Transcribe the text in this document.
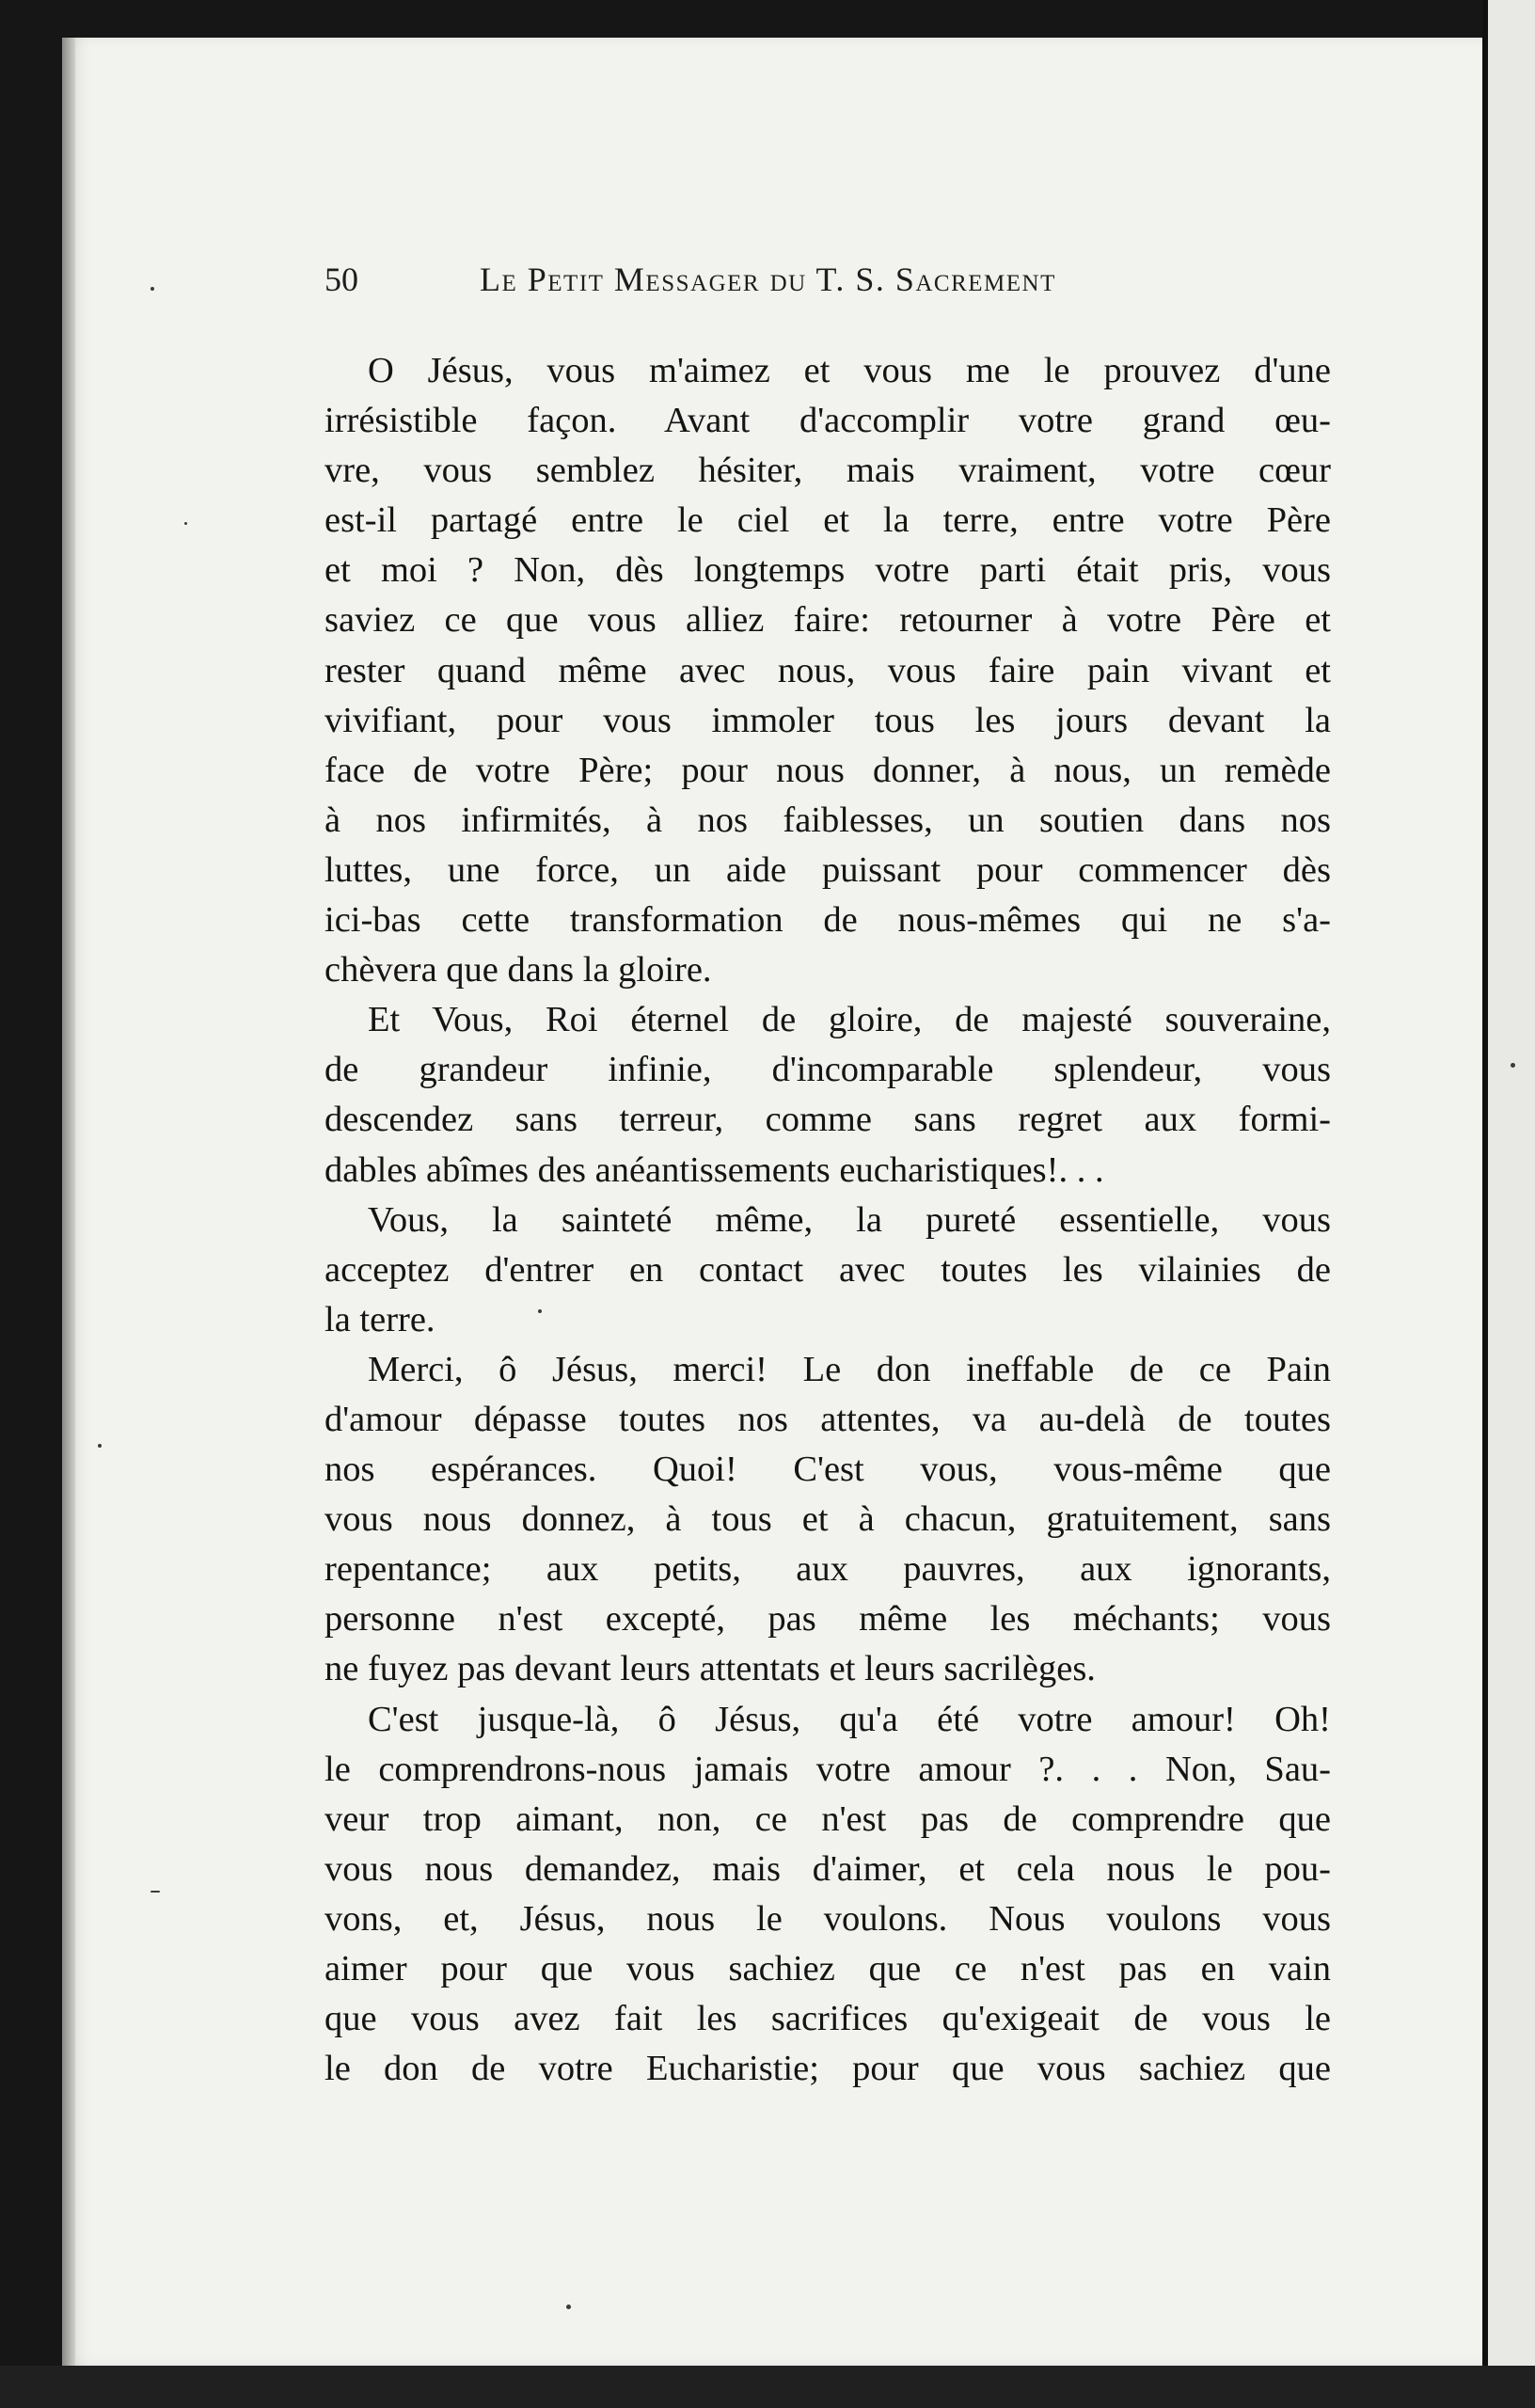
50	Le Petit Messager du T. S. Sacrement
O Jésus, vous m'aimez et vous me le prouvez d'une
irrésistible façon. Avant d'accomplir votre grand œu-
vre, vous semblez hésiter, mais vraiment, votre cœur
est-il partagé entre le ciel et la terre, entre votre Père
et moi ? Non, dès longtemps votre parti était pris, vous
saviez ce que vous alliez faire: retourner à votre Père et
rester quand même avec nous, vous faire pain vivant et
vivifiant, pour vous immoler tous les jours devant la
face de votre Père; pour nous donner, à nous, un remède
à nos infirmités, à nos faiblesses, un soutien dans nos
luttes, une force, un aide puissant pour commencer dès
ici-bas cette transformation de nous-mêmes qui ne s'a-
chèvera que dans la gloire.
Et Vous, Roi éternel de gloire, de majesté souveraine,
de grandeur infinie, d'incomparable splendeur, vous
descendez sans terreur, comme sans regret aux formi-
dables abîmes des anéantissements eucharistiques!. . .
Vous, la sainteté même, la pureté essentielle, vous
acceptez d'entrer en contact avec toutes les vilainies de
la terre.
Merci, ô Jésus, merci! Le don ineffable de ce Pain
d'amour dépasse toutes nos attentes, va au-delà de toutes
nos espérances. Quoi! C'est vous, vous-même que
vous nous donnez, à tous et à chacun, gratuitement, sans
repentance; aux petits, aux pauvres, aux ignorants,
personne n'est excepté, pas même les méchants; vous
ne fuyez pas devant leurs attentats et leurs sacrilèges.
C'est jusque-là, ô Jésus, qu'a été votre amour! Oh!
le comprendrons-nous jamais votre amour ?. . . Non, Sau-
veur trop aimant, non, ce n'est pas de comprendre que
vous nous demandez, mais d'aimer, et cela nous le pou-
vons, et, Jésus, nous le voulons. Nous voulons vous
aimer pour que vous sachiez que ce n'est pas en vain
que vous avez fait les sacrifices qu'exigeait de vous le
le don de votre Eucharistie; pour que vous sachiez que
